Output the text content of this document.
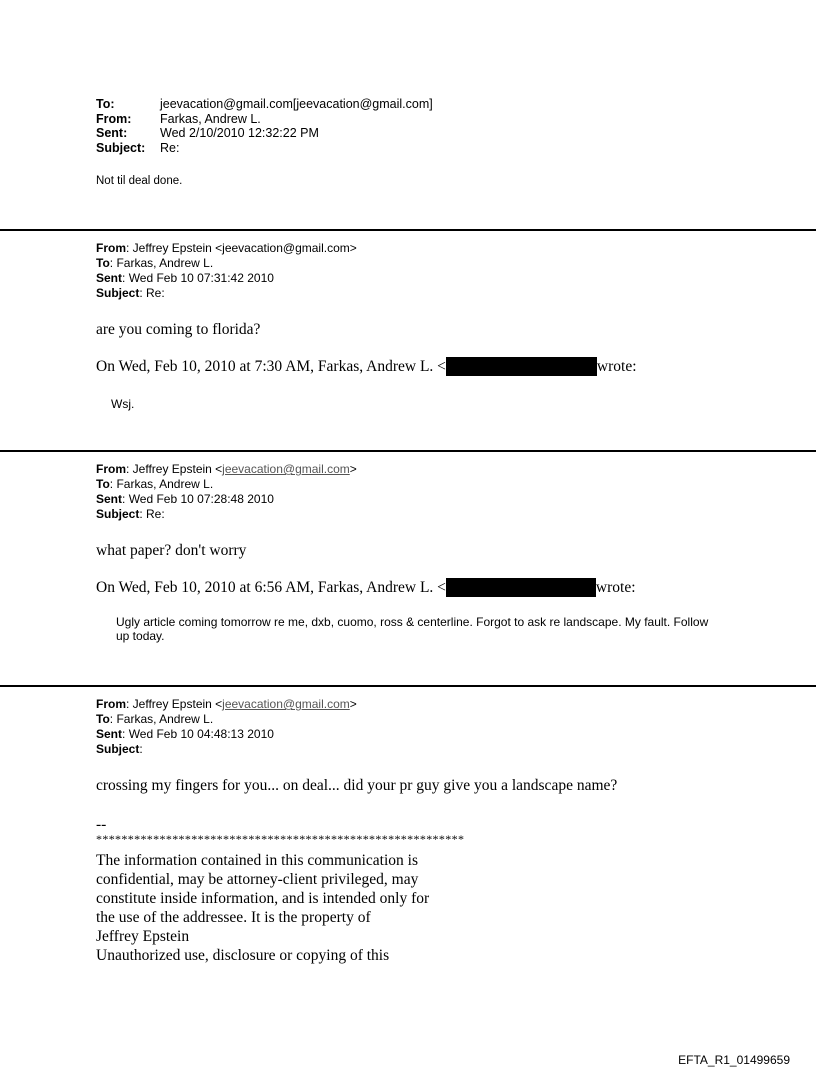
To:	jeevacation@gmail.com[jeevacation@gmail.com]
From:	Farkas, Andrew L.
Sent:	Wed 2/10/2010 12:32:22 PM
Subject:	Re:
Not til deal done.
From: Jeffrey Epstein <jeevacation@gmail.com>
To: Farkas, Andrew L.
Sent: Wed Feb 10 07:31:42 2010
Subject: Re:
are you coming to florida?
On Wed, Feb 10, 2010 at 7:30 AM, Farkas, Andrew L. <	wrote:
Wsj.
From: Jeffrey Epstein <jeevacation@gmail.com>
To: Farkas, Andrew L.
Sent: Wed Feb 10 07:28:48 2010
Subject: Re:
what paper? don't worry
On Wed, Feb 10, 2010 at 6:56 AM, Farkas, Andrew L. <	wrote:
Ugly article coming tomorrow re me, dxb, cuomo, ross & centerline. Forgot to ask re landscape. My fault. Follow up today.
From: Jeffrey Epstein <jeevacation@gmail.com>
To: Farkas, Andrew L.
Sent: Wed Feb 10 04:48:13 2010
Subject:
crossing my fingers for you... on deal... did your pr guy give you a landscape name?
--
**********************************************************
The information contained in this communication is
confidential, may be attorney-client privileged, may
constitute inside information, and is intended only for
the use of the addressee. It is the property of
Jeffrey Epstein
Unauthorized use, disclosure or copying of this
EFTA_R1_01499659
